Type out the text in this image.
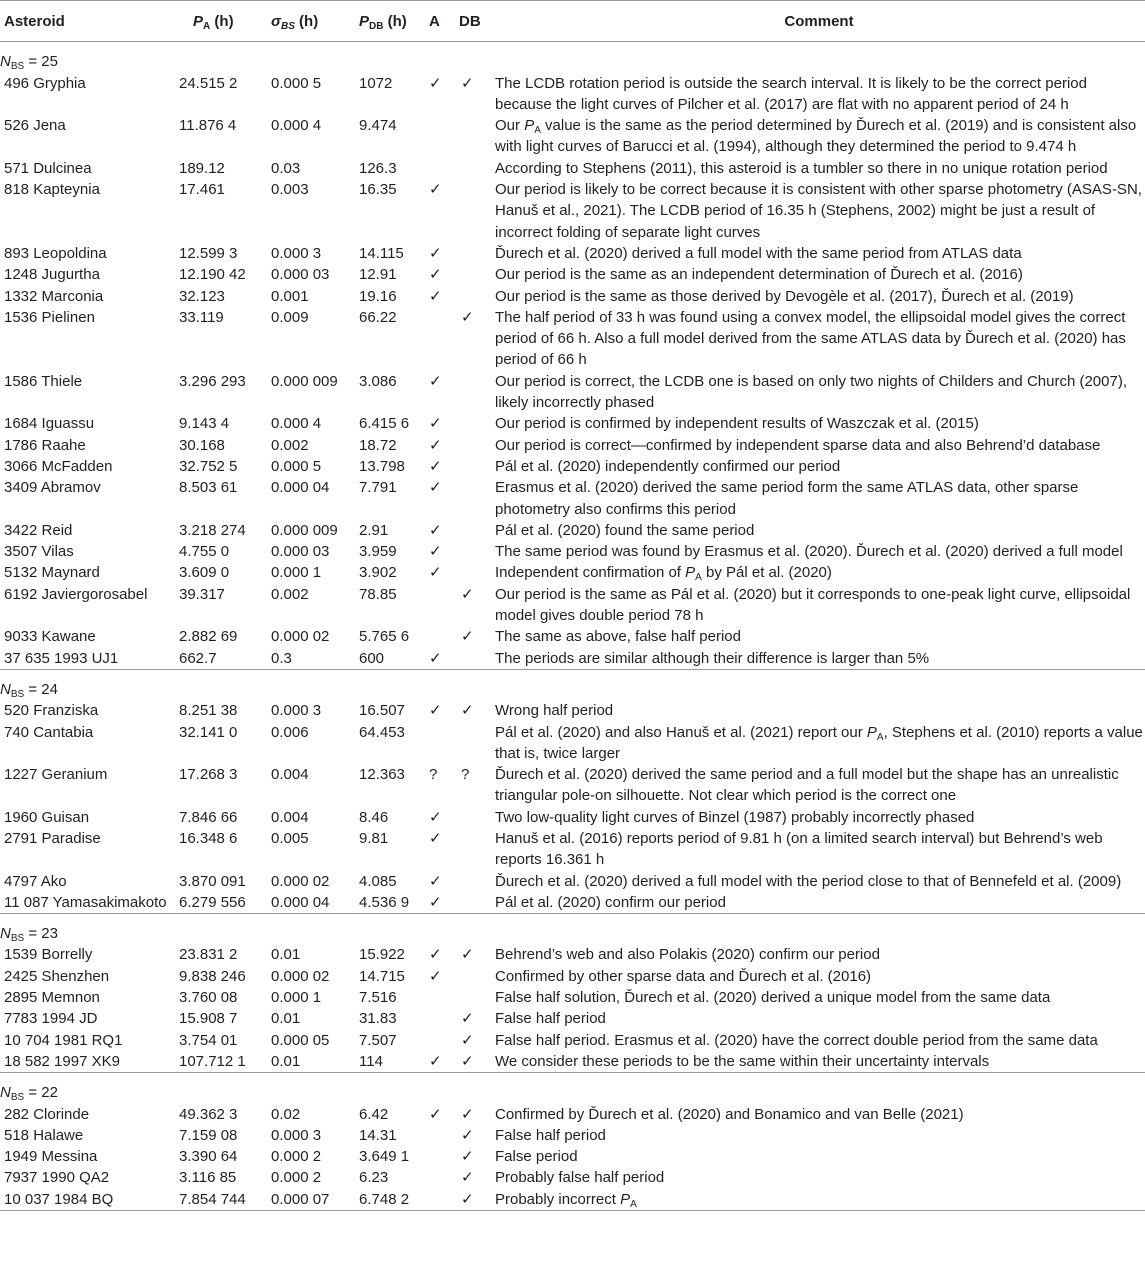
Asteroid	$P_A$ (h)	$\sigma_{BS}$ (h)	$P_{DB}$ (h)	A	DB	Comment
$N_{BS} = 25$						
496 Gryphia	24.515 2	0.000 5	1072	✓	✓	The LCDB rotation period is outside the search interval. It is likely to be the correct period because the light curves of Pilcher et al. (2017) are flat with no apparent period of 24 h
526 Jena	11.876 4	0.000 4	9.474			Our $P_A$ value is the same as the period determined by Ďurech et al. (2019) and is consistent also with light curves of Barucci et al. (1994), although they determined the period to 9.474 h
571 Dulcinea	189.12	0.03	126.3			According to Stephens (2011), this asteroid is a tumbler so there in no unique rotation period
818 Kapteynia	17.461	0.003	16.35	✓		Our period is likely to be correct because it is consistent with other sparse photometry (ASAS-SN, Hanuš et al., 2021). The LCDB period of 16.35 h (Stephens, 2002) might be just a result of incorrect folding of separate light curves
893 Leopoldina	12.599 3	0.000 3	14.115	✓		Ďurech et al. (2020) derived a full model with the same period from ATLAS data
1248 Jugurtha	12.190 42	0.000 03	12.91	✓		Our period is the same as an independent determination of Ďurech et al. (2016)
1332 Marconia	32.123	0.001	19.16	✓		Our period is the same as those derived by Devogèle et al. (2017), Ďurech et al. (2019)
1536 Pielinen	33.119	0.009	66.22		✓	The half period of 33 h was found using a convex model, the ellipsoidal model gives the correct period of 66 h. Also a full model derived from the same ATLAS data by Ďurech et al. (2020) has period of 66 h
1586 Thiele	3.296 293	0.000 009	3.086	✓		Our period is correct, the LCDB one is based on only two nights of Childers and Church (2007), likely incorrectly phased
1684 Iguassu	9.143 4	0.000 4	6.415 6	✓		Our period is confirmed by independent results of Waszczak et al. (2015)
1786 Raahe	30.168	0.002	18.72	✓		Our period is correct—confirmed by independent sparse data and also Behrend’d database
3066 McFadden	32.752 5	0.000 5	13.798	✓		Pál et al. (2020) independently confirmed our period
3409 Abramov	8.503 61	0.000 04	7.791	✓		Erasmus et al. (2020) derived the same period form the same ATLAS data, other sparse photometry also confirms this period
3422 Reid	3.218 274	0.000 009	2.91	✓		Pál et al. (2020) found the same period
3507 Vilas	4.755 0	0.000 03	3.959	✓		The same period was found by Erasmus et al. (2020). Ďurech et al. (2020) derived a full model
5132 Maynard	3.609 0	0.000 1	3.902	✓		Independent confirmation of $P_A$ by Pál et al. (2020)
6192 Javiergorosabel	39.317	0.002	78.85		✓	Our period is the same as Pál et al. (2020) but it corresponds to one-peak light curve, ellipsoidal model gives double period 78 h
9033 Kawane	2.882 69	0.000 02	5.765 6		✓	The same as above, false half period
37 635 1993 UJ1	662.7	0.3	600	✓		The periods are similar although their difference is larger than 5%

$N_{BS} = 24$						
520 Franziska	8.251 38	0.000 3	16.507	✓	✓	Wrong half period
740 Cantabia	32.141 0	0.006	64.453			Pál et al. (2020) and also Hanuš et al. (2021) report our $P_A$, Stephens et al. (2010) reports a value that is, twice larger
1227 Geranium	17.268 3	0.004	12.363	?	?	Ďurech et al. (2020) derived the same period and a full model but the shape has an unrealistic triangular pole-on silhouette. Not clear which period is the correct one
1960 Guisan	7.846 66	0.004	8.46	✓		Two low-quality light curves of Binzel (1987) probably incorrectly phased
2791 Paradise	16.348 6	0.005	9.81	✓		Hanuš et al. (2016) reports period of 9.81 h (on a limited search interval) but Behrend’s web reports 16.361 h
4797 Ako	3.870 091	0.000 02	4.085	✓		Ďurech et al. (2020) derived a full model with the period close to that of Bennefeld et al. (2009)
11 087 Yamasakimakoto	6.279 556	0.000 04	4.536 9	✓		Pál et al. (2020) confirm our period

$N_{BS} = 23$						
1539 Borrelly	23.831 2	0.01	15.922	✓	✓	Behrend’s web and also Polakis (2020) confirm our period
2425 Shenzhen	9.838 246	0.000 02	14.715	✓		Confirmed by other sparse data and Ďurech et al. (2016)
2895 Memnon	3.760 08	0.000 1	7.516			False half solution, Ďurech et al. (2020) derived a unique model from the same data
7783 1994 JD	15.908 7	0.01	31.83		✓	False half period
10 704 1981 RQ1	3.754 01	0.000 05	7.507		✓	False half period. Erasmus et al. (2020) have the correct double period from the same data
18 582 1997 XK9	107.712 1	0.01	114	✓	✓	We consider these periods to be the same within their uncertainty intervals

$N_{BS} = 22$						
282 Clorinde	49.362 3	0.02	6.42	✓	✓	Confirmed by Ďurech et al. (2020) and Bonamico and van Belle (2021)
518 Halawe	7.159 08	0.000 3	14.31		✓	False half period
1949 Messina	3.390 64	0.000 2	3.649 1		✓	False period
7937 1990 QA2	3.116 85	0.000 2	6.23		✓	Probably false half period
10 037 1984 BQ	7.854 744	0.000 07	6.748 2		✓	Probably incorrect $P_A$
